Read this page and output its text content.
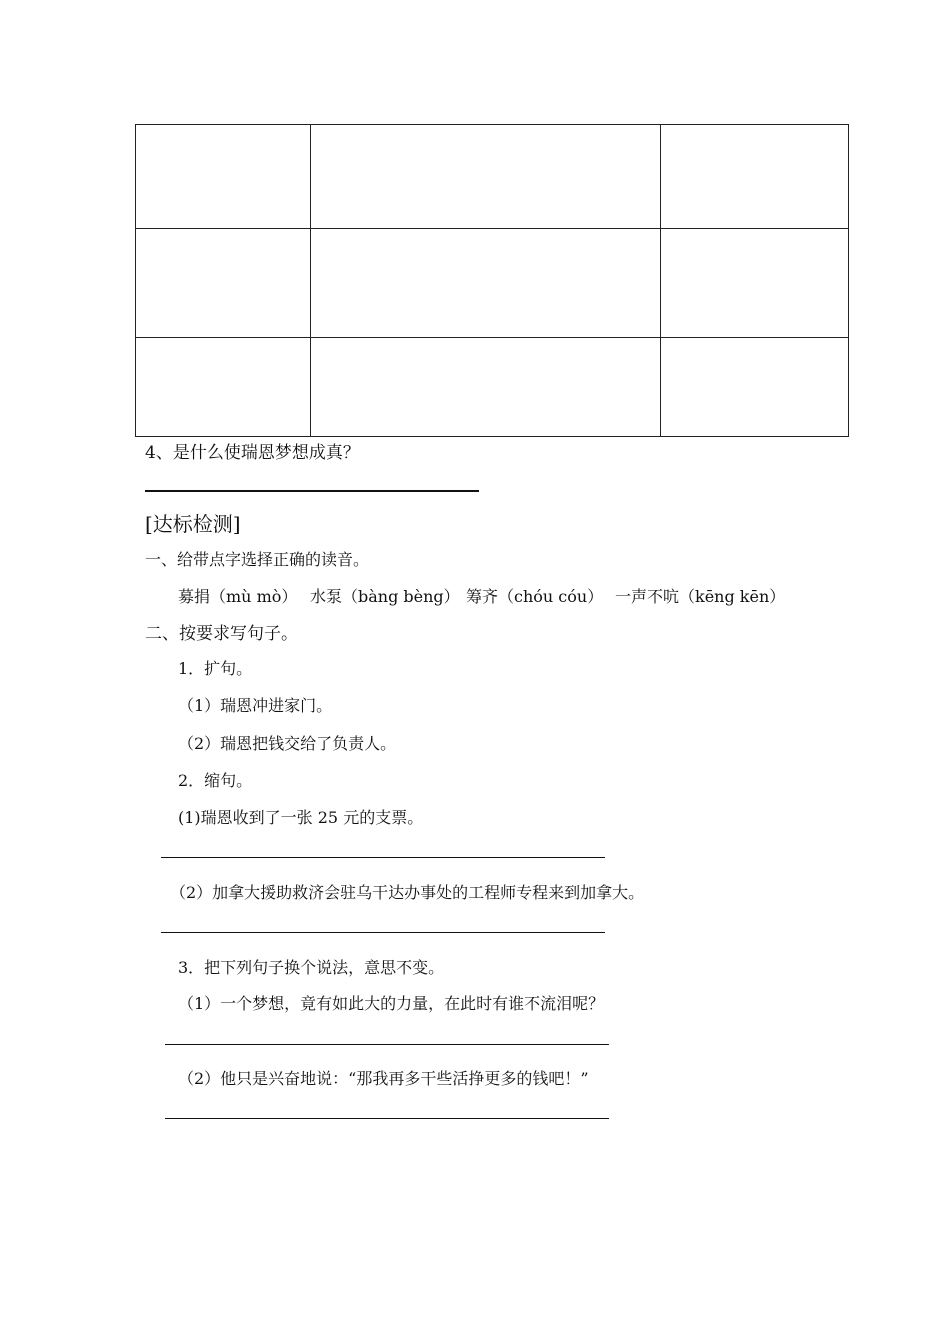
4、是什么使瑞恩梦想成真？
[达标检测]
一、给带点字选择正确的读音。
募捐（mù mò） 水泵（bàng bèng） 筹齐（chóu cóu） 一声不吭（kēng kēn）
二、按要求写句子。
1．扩句。
（1）瑞恩冲进家门。
（2）瑞恩把钱交给了负责人。
2．缩句。
(1)瑞恩收到了一张 25 元的支票。
（2）加拿大援助救济会驻乌干达办事处的工程师专程来到加拿大。
3．把下列句子换个说法，意思不变。
（1）一个梦想，竟有如此大的力量，在此时有谁不流泪呢？
（2）他只是兴奋地说：“那我再多干些活挣更多的钱吧！”
